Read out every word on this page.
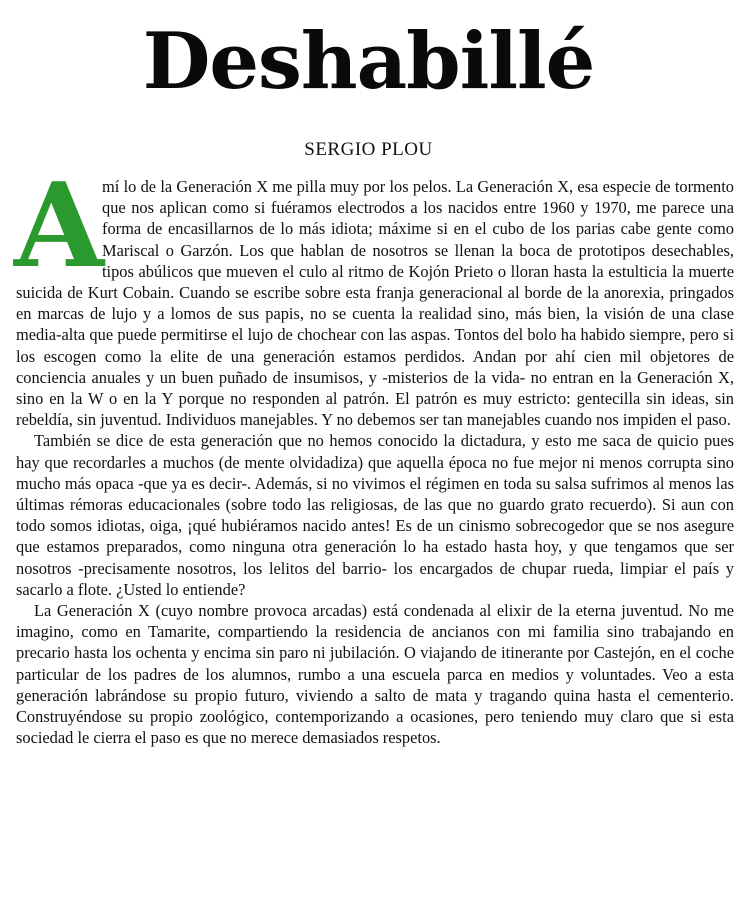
Deshabillé
SERGIO PLOU

A
mí lo de la Generación X me pilla muy por los pelos. La Generación X, esa especie de tormento que nos aplican como si fuéramos electrodos a los nacidos entre 1960 y 1970, me parece una forma de encasillarnos de lo más idiota; máxime si en el cubo de los parias cabe gente como Mariscal o Garzón. Los que hablan de nosotros se llenan la boca de prototipos desechables, tipos abúlicos que mueven el culo al ritmo de Kojón Prieto o lloran hasta la estulticia la muerte suicida de Kurt Cobain. Cuando se escribe sobre esta franja generacional al borde de la anorexia, pringados en marcas de lujo y a lomos de sus papis, no se cuenta la realidad sino, más bien, la visión de una clase media-alta que puede permitirse el lujo de chochear con las aspas. Tontos del bolo ha habido siempre, pero si los escogen como la elite de una generación estamos perdidos. Andan por ahí cien mil objetores de conciencia anuales y un buen puñado de insumisos, y -misterios de la vida- no entran en la Generación X, sino en la W o en la Y porque no responden al patrón. El patrón es muy estricto: gentecilla sin ideas, sin rebeldía, sin juventud. Individuos manejables. Y no debemos ser tan manejables cuando nos impiden el paso.

También se dice de esta generación que no hemos conocido la dictadura, y esto me saca de quicio pues hay que recordarles a muchos (de mente olvidadiza) que aquella época no fue mejor ni menos corrupta sino mucho más opaca -que ya es decir-. Además, si no vivimos el régimen en toda su salsa sufrimos al menos las últimas rémoras educacionales (sobre todo las religiosas, de las que no guardo grato recuerdo). Si aun con todo somos idiotas, oiga, ¡qué hubiéramos nacido antes! Es de un cinismo sobrecogedor que se nos asegure que estamos preparados, como ninguna otra generación lo ha estado hasta hoy, y que tengamos que ser nosotros -precisamente nosotros, los lelitos del barrio- los encargados de chupar rueda, limpiar el país y sacarlo a flote. ¿Usted lo entiende?

La Generación X (cuyo nombre provoca arcadas) está condenada al elixir de la eterna juventud. No me imagino, como en Tamarite, compartiendo la residencia de ancianos con mi familia sino trabajando en precario hasta los ochenta y encima sin paro ni jubilación. O viajando de itinerante por Castejón, en el coche particular de los padres de los alumnos, rumbo a una escuela parca en medios y voluntades. Veo a esta generación labrándose su propio futuro, viviendo a salto de mata y tragando quina hasta el cementerio. Construyéndose su propio zoológico, contemporizando a ocasiones, pero teniendo muy claro que si esta sociedad le cierra el paso es que no merece demasiados respetos.
